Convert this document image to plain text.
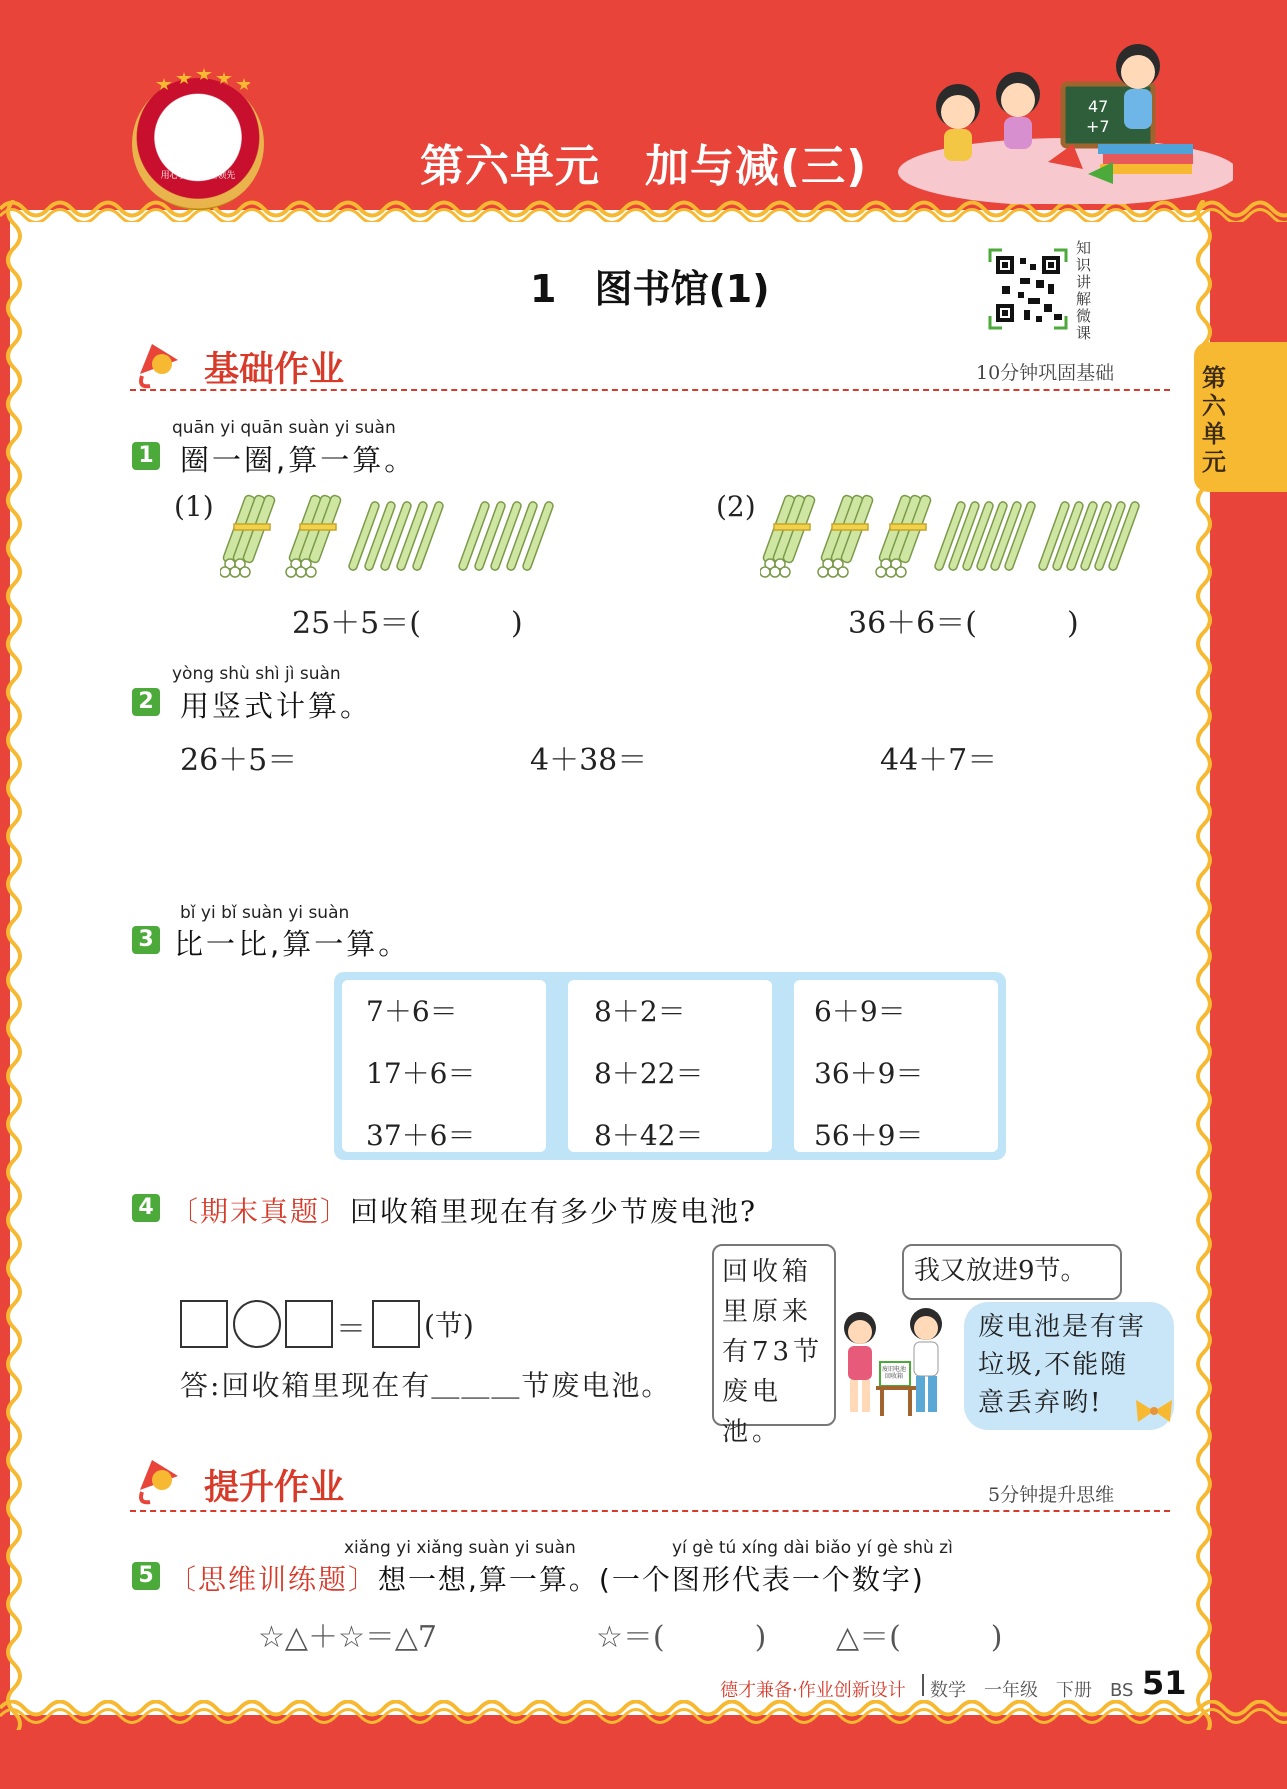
王朝霞
用心教育 行业领先	第六单元　加与减(三)
47
+7
1　图书馆(1)
知识讲解微课
第六单元
基础作业	10分钟巩固基础
quān yi quān suàn yi suàn
1 圈一圈,算一算。
(1)	(2)
25＋5＝(　　　)	36＋6＝(　　　)
yòng shù shì jì suàn
2 用竖式计算。
26＋5＝	4＋38＝	44＋7＝
bǐ yi bǐ suàn yi suàn
3 比一比,算一算。
7＋6＝
17＋6＝
37＋6＝
8＋2＝
8＋22＝
8＋42＝
6＋9＝
36＋9＝
56＋9＝
4 〔期末真题〕回收箱里现在有多少节废电池?
＝ (节)
答:回收箱里现在有＿＿＿节废电池。
回收箱
里原来
有73节
废电池。
我又放进9节。
废电池是有害
垃圾,不能随
意丢弃哟!
废旧电池回收箱
提升作业	5分钟提升思维
xiǎng yi xiǎng suàn yi suàn	yí gè tú xíng dài biǎo yí gè shù zì
5 〔思维训练题〕想一想,算一算。(一个图形代表一个数字)
☆△＋☆＝△7	☆＝(　　　) △＝(　　　)
德才兼备·作业创新设计 数学　一年级　下册　BS 51
